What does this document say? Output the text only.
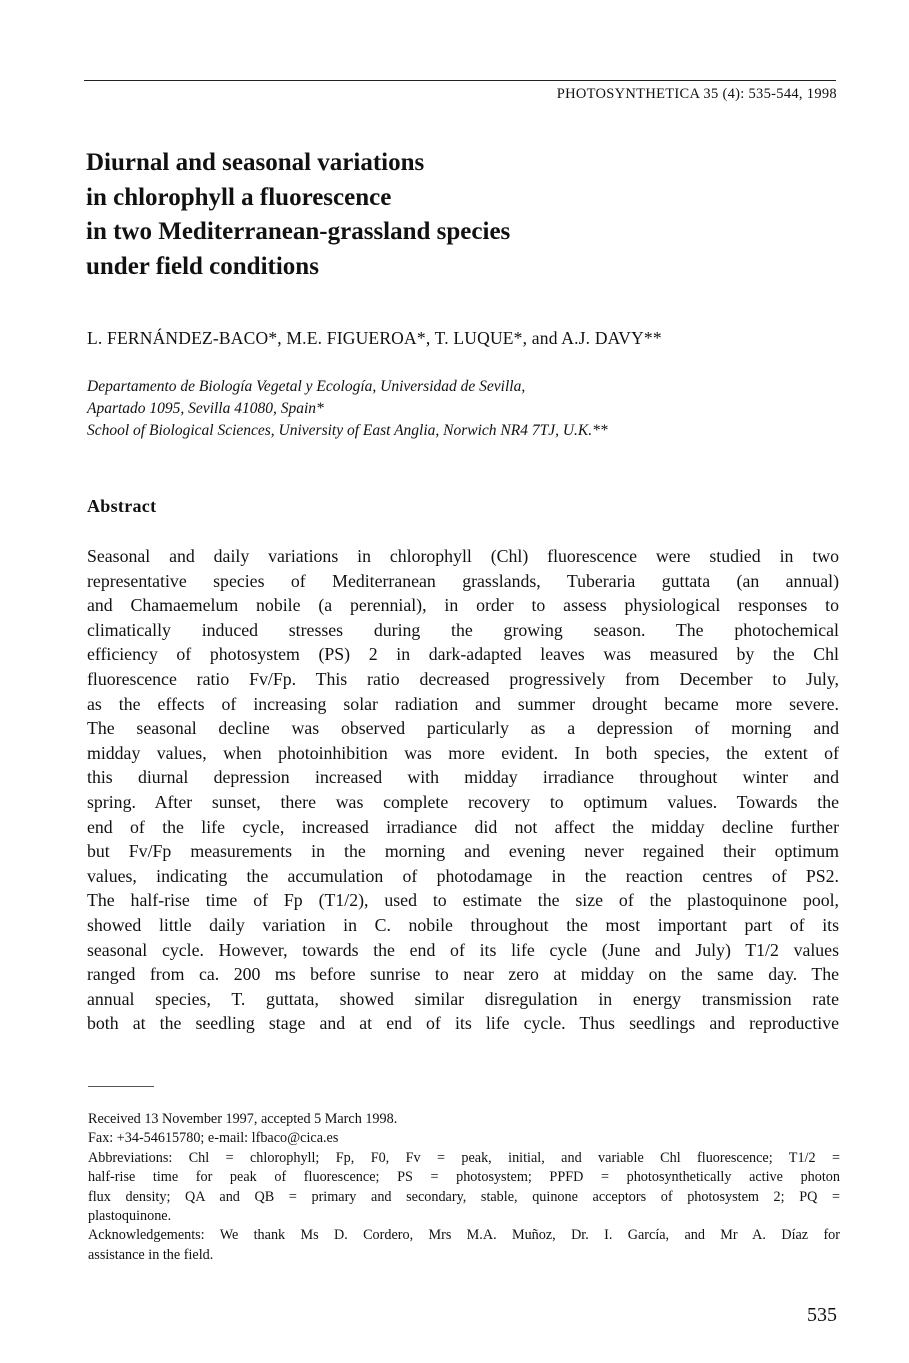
PHOTOSYNTHETICA 35 (4): 535-544, 1998
Diurnal and seasonal variations
in chlorophyll a fluorescence
in two Mediterranean-grassland species
under field conditions
L. FERNÁNDEZ-BACO*, M.E. FIGUEROA*, T. LUQUE*, and A.J. DAVY**
Departamento de Biología Vegetal y Ecología, Universidad de Sevilla,
Apartado 1095, Sevilla 41080, Spain*
School of Biological Sciences, University of East Anglia, Norwich NR4 7TJ, U.K.**
Abstract
Seasonal and daily variations in chlorophyll (Chl) fluorescence were studied in two
representative species of Mediterranean grasslands, Tuberaria guttata (an annual)
and Chamaemelum nobile (a perennial), in order to assess physiological responses to
climatically induced stresses during the growing season. The photochemical
efficiency of photosystem (PS) 2 in dark-adapted leaves was measured by the Chl
fluorescence ratio Fv/Fp. This ratio decreased progressively from December to July,
as the effects of increasing solar radiation and summer drought became more severe.
The seasonal decline was observed particularly as a depression of morning and
midday values, when photoinhibition was more evident. In both species, the extent of
this diurnal depression increased with midday irradiance throughout winter and
spring. After sunset, there was complete recovery to optimum values. Towards the
end of the life cycle, increased irradiance did not affect the midday decline further
but Fv/Fp measurements in the morning and evening never regained their optimum
values, indicating the accumulation of photodamage in the reaction centres of PS2.
The half-rise time of Fp (T1/2), used to estimate the size of the plastoquinone pool,
showed little daily variation in C. nobile throughout the most important part of its
seasonal cycle. However, towards the end of its life cycle (June and July) T1/2 values
ranged from ca. 200 ms before sunrise to near zero at midday on the same day. The
annual species, T. guttata, showed similar disregulation in energy transmission rate
both at the seedling stage and at end of its life cycle. Thus seedlings and reproductive
Received 13 November 1997, accepted 5 March 1998.
Fax: +34-54615780; e-mail: lfbaco@cica.es
Abbreviations: Chl = chlorophyll; Fp, F0, Fv = peak, initial, and variable Chl fluorescence; T1/2 =
half-rise time for peak of fluorescence; PS = photosystem; PPFD = photosynthetically active photon
flux density; QA and QB = primary and secondary, stable, quinone acceptors of photosystem 2; PQ =
plastoquinone.
Acknowledgements: We thank Ms D. Cordero, Mrs M.A. Muñoz, Dr. I. García, and Mr A. Díaz for
assistance in the field.
535
